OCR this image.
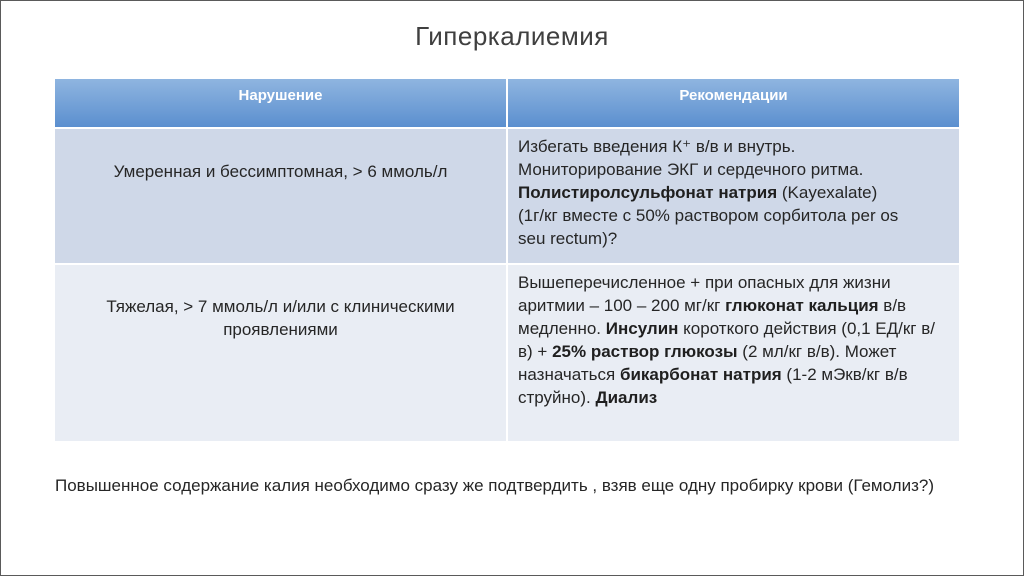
Гиперкалиемия
Нарушение	Рекомендации
Умеренная и бессимптомная, > 6 ммоль/л	Избегать введения К⁺ в/в и внутрь.
Мониторирование ЭКГ и сердечного ритма.
Полистиролсульфонат натрия (Kayexalate)
(1г/кг вместе с 50% раствором сорбитола per os
seu rectum)?
Тяжелая, > 7 ммоль/л и/или с клиническими проявлениями	Вышеперечисленное + при опасных для жизни аритмии – 100 – 200 мг/кг глюконат кальция в/в медленно. Инсулин короткого действия (0,1 ЕД/кг в/в) + 25% раствор глюкозы (2 мл/кг в/в). Может назначаться бикарбонат натрия (1-2 мЭкв/кг в/в струйно). Диализ
Повышенное содержание калия необходимо сразу же подтвердить , взяв еще одну пробирку крови (Гемолиз?)
